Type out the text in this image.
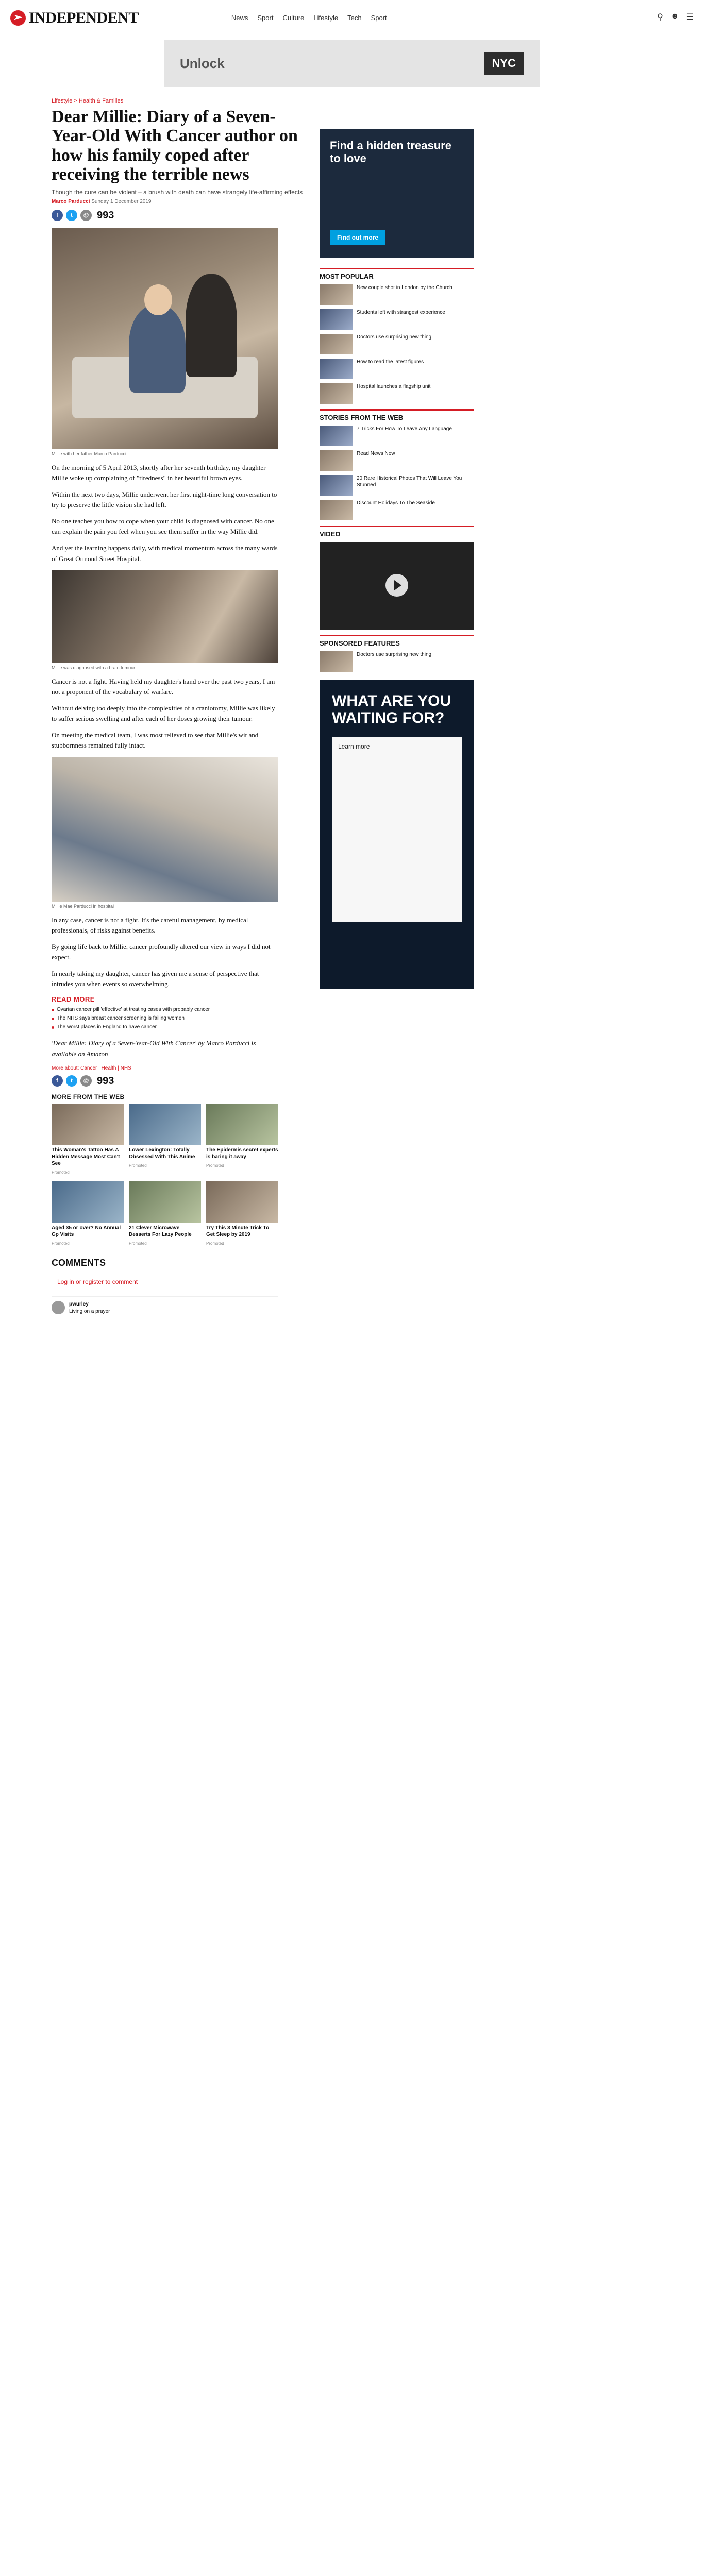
INDEPENDENT	News Sport Culture Lifestyle Tech Sport	⚲ ☻ ☰
Unlock	NYC
Lifestyle > Health & Families
Dear Millie: Diary of a Seven-Year-Old With Cancer author on how his family coped after receiving the terrible news
Though the cure can be violent – a brush with death can have strangely life-affirming effects
Marco Parducci Sunday 1 December 2019
f	t	@ 993
Millie with her father Marco Parducci

On the morning of 5 April 2013, shortly after her seventh birthday, my daughter Millie woke up complaining of "tiredness" in her beautiful brown eyes.

Within the next two days, Millie underwent her first night-time long conversation to try to preserve the little vision she had left.

No one teaches you how to cope when your child is diagnosed with cancer. No one can explain the pain you feel when you see them suffer in the way Millie did.

And yet the learning happens daily, with medical momentum across the many wards of Great Ormond Street Hospital.

Millie was diagnosed with a brain tumour

Cancer is not a fight. Having held my daughter's hand over the past two years, I am not a proponent of the vocabulary of warfare.

Without delving too deeply into the complexities of a craniotomy, Millie was likely to suffer serious swelling and after each of her doses growing their tumour.

On meeting the medical team, I was most relieved to see that Millie's wit and stubbornness remained fully intact.

Millie Mae Parducci in hospital

In any case, cancer is not a fight. It's the careful management, by medical professionals, of risks against benefits.

By going life back to Millie, cancer profoundly altered our view in ways I did not expect.

In nearly taking my daughter, cancer has given me a sense of perspective that intrudes you when events so overwhelming.

READ MORE
Ovarian cancer pill 'effective' at treating cases with probably cancer
The NHS says breast cancer screening is failing women
The worst places in England to have cancer

'Dear Millie: Diary of a Seven-Year-Old With Cancer' by Marco Parducci is available on Amazon

More about: Cancer | Health | NHS
f	t	@ 993
MORE FROM THE WEB

This Woman's Tattoo Has A Hidden Message Most Can't See

Promoted

Lower Lexington: Totally Obsessed With This Anime

Promoted

The Epidermis secret experts is baring it away

Promoted

Aged 35 or over? No Annual Gp Visits

Promoted

21 Clever Microwave Desserts For Lazy People

Promoted

Try This 3 Minute Trick To Get Sleep by 2019

Promoted
COMMENTS
Log in or register to comment
pwurley
Living on a prayer
Find a hidden treasure to love
Find out more
MOST POPULAR

New couple shot in London by the Church

Students left with strangest experience

Doctors use surprising new thing

How to read the latest figures

Hospital launches a flagship unit

STORIES FROM THE WEB

7 Tricks For How To Leave Any Language

Read News Now

20 Rare Historical Photos That Will Leave You Stunned

Discount Holidays To The Seaside

VIDEO
SPONSORED FEATURES

Doctors use surprising new thing

WHAT ARE YOU WAITING FOR?
Learn more
